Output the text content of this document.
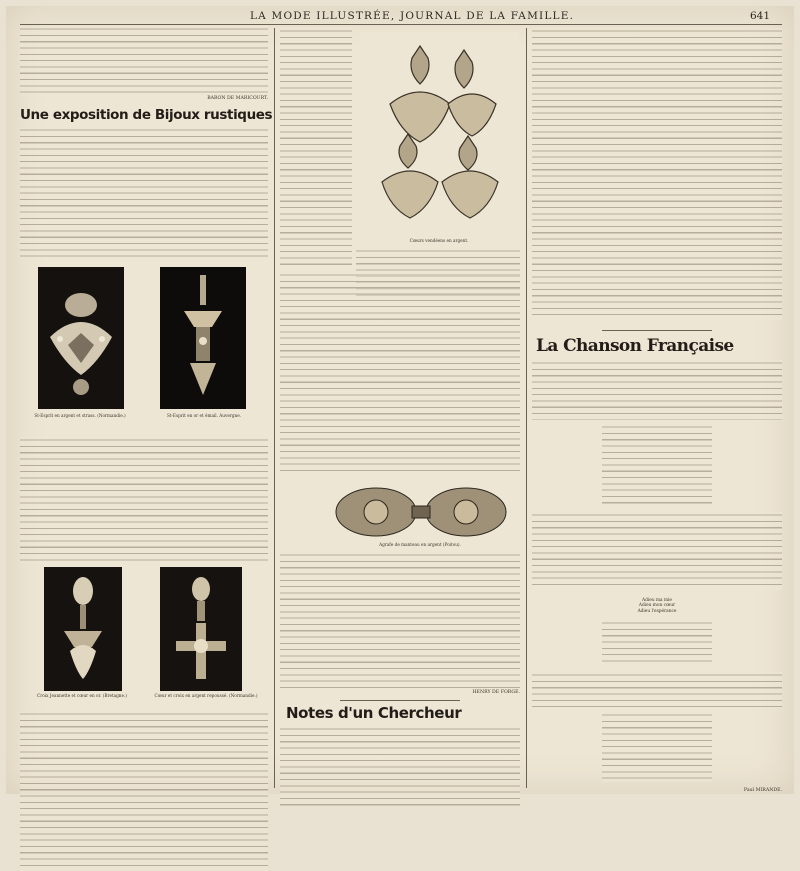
LA MODE ILLUSTRÉE, JOURNAL DE LA FAMILLE.	641

BARON DE MARICOURT.

Une exposition de Bijoux rustiques
St-Esprit en argent et strass. (Normandie.)	St-Esprit en or et émail. Auvergne.
Croix Jeannette et cœur en or. (Bretagne.)	Cœur et croix en argent repoussé. (Normandie.)
Cœurs vendéens en argent.
Agrafe de manteau en argent (Poitou).

HENRY DE FORGE.

Notes d'un Chercheur
La Chanson Française
Adieu ma mie
Adieu mon cœur
Adieu l'espérance

Paul MIRANDE.
